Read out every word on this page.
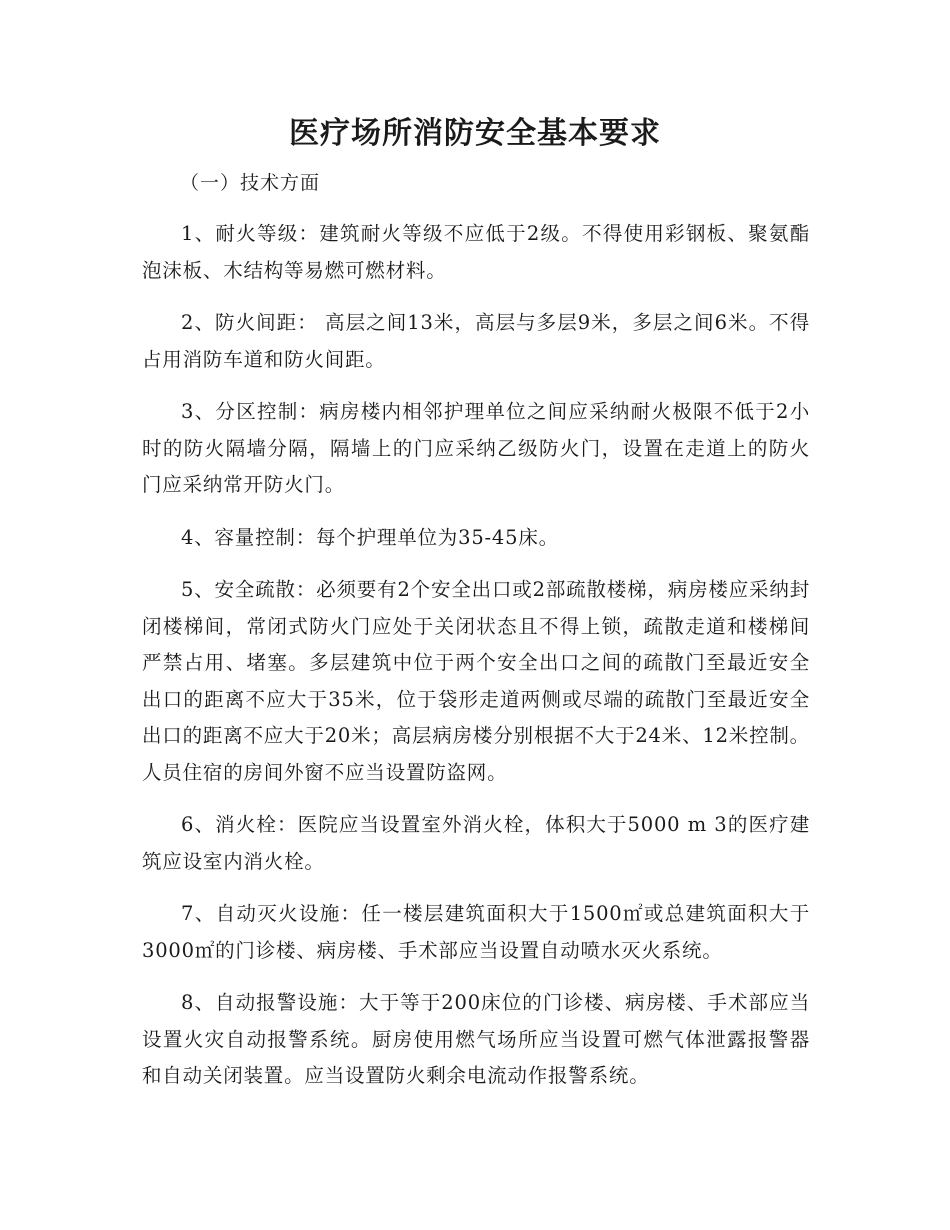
医疗场所消防安全基本要求

（一）技术方面

1、耐火等级：建筑耐火等级不应低于2级。不得使用彩钢板、聚氨酯泡沫板、木结构等易燃可燃材料。

2、防火间距： 高层之间13米，高层与多层9米，多层之间6米。不得占用消防车道和防火间距。

3、分区控制：病房楼内相邻护理单位之间应采纳耐火极限不低于2小时的防火隔墙分隔，隔墙上的门应采纳乙级防火门，设置在走道上的防火门应采纳常开防火门。

4、容量控制：每个护理单位为35-45床。

5、安全疏散：必须要有2个安全出口或2部疏散楼梯，病房楼应采纳封闭楼梯间，常闭式防火门应处于关闭状态且不得上锁，疏散走道和楼梯间严禁占用、堵塞。多层建筑中位于两个安全出口之间的疏散门至最近安全出口的距离不应大于35米，位于袋形走道两侧或尽端的疏散门至最近安全出口的距离不应大于20米；高层病房楼分别根据不大于24米、12米控制。人员住宿的房间外窗不应当设置防盗网。

6、消火栓：医院应当设置室外消火栓，体积大于5000 m 3的医疗建筑应设室内消火栓。

7、自动灭火设施：任一楼层建筑面积大于1500㎡或总建筑面积大于3000㎡的门诊楼、病房楼、手术部应当设置自动喷水灭火系统。

8、自动报警设施：大于等于200床位的门诊楼、病房楼、手术部应当设置火灾自动报警系统。厨房使用燃气场所应当设置可燃气体泄露报警器和自动关闭装置。应当设置防火剩余电流动作报警系统。
